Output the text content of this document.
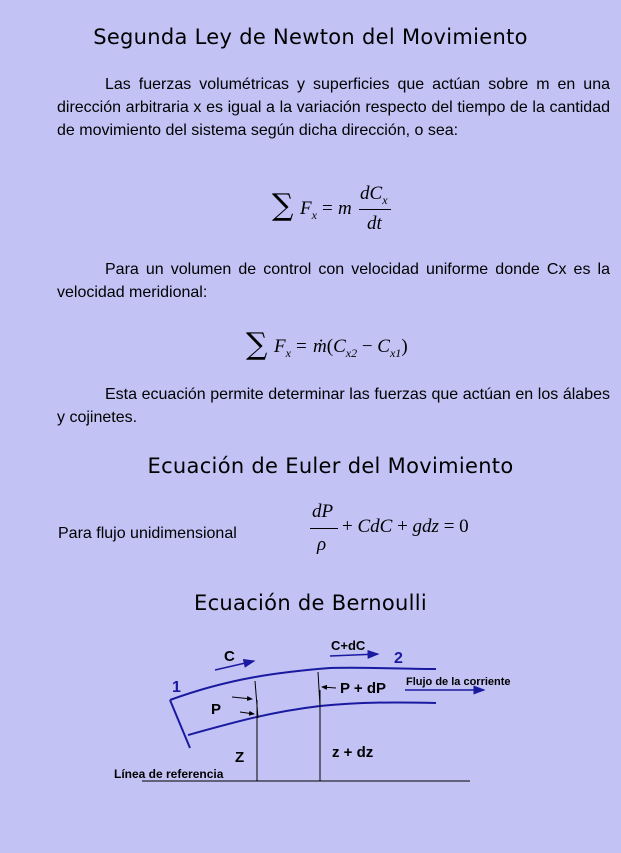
Segunda Ley de Newton del Movimiento

Las fuerzas volumétricas y superficies que actúan sobre m en una dirección arbitraria x es igual a la variación respecto del tiempo de la cantidad de movimiento del sistema según dicha dirección, o sea:

∑ $F_x = m$
$dC_x$
dt

Para un volumen de control con velocidad uniforme donde Cx es la velocidad meridional:

∑ $F_x$ = $ṁ(C_{x2} - C_{x1})$

Esta ecuación permite determinar las fuerzas que actúan en los álabes y cojinetes.

Ecuación de Euler del Movimiento
Para flujo unidimensional
dP
ρ
+ CdC + gdz = 0
Ecuación de Bernoulli
C
C+dC
1
2
P
P + dP Flujo de la corriente
Z	z + dz
Línea de referencia
